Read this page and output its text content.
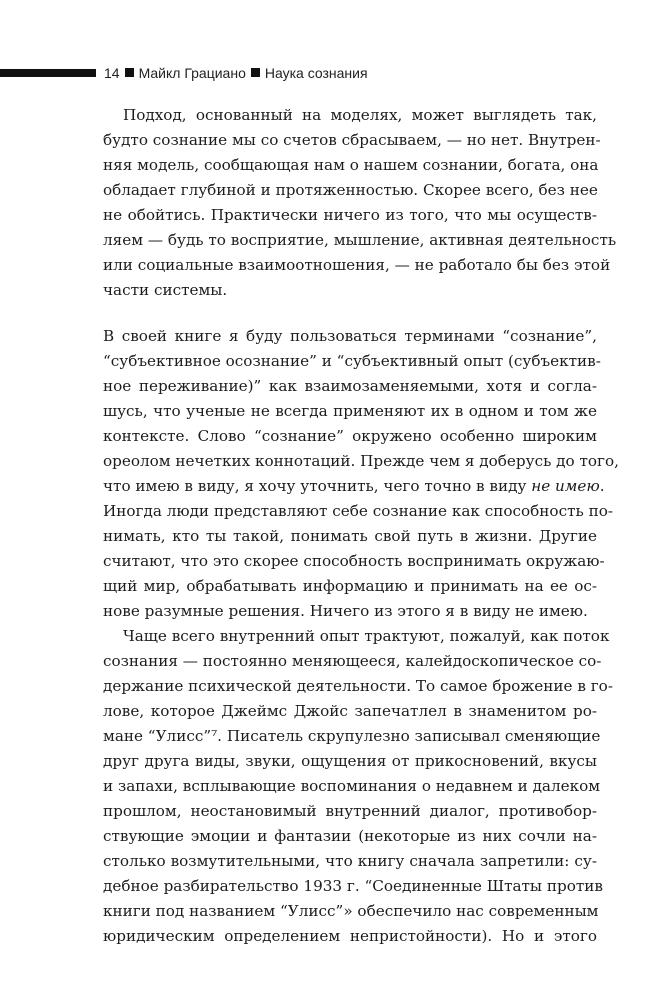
14 Майкл Грациано Наука сознания
Подход, основанный на моделях, может выглядеть так,
будто сознание мы со счетов сбрасываем, — но нет. Внутрен-
няя модель, сообщающая нам о нашем сознании, богата, она
обладает глубиной и протяженностью. Скорее всего, без нее
не обойтись. Практически ничего из того, что мы осуществ-
ляем — будь то восприятие, мышление, активная деятельность
или социальные взаимоотношения, — не работало бы без этой
части системы.
В своей книге я буду пользоваться терминами “сознание”,
“субъективное осознание” и “субъективный опыт (субъектив-
ное переживание)” как взаимозаменяемыми, хотя и согла-
шусь, что ученые не всегда применяют их в одном и том же
контексте. Слово “сознание” окружено особенно широким
ореолом нечетких коннотаций. Прежде чем я доберусь до того,
что имею в виду, я хочу уточнить, чего точно в виду не имею.
Иногда люди представляют себе сознание как способность по-
нимать, кто ты такой, понимать свой путь в жизни. Другие
считают, что это скорее способность воспринимать окружаю-
щий мир, обрабатывать информацию и принимать на ее ос-
нове разумные решения. Ничего из этого я в виду не имею.
Чаще всего внутренний опыт трактуют, пожалуй, как поток
сознания — постоянно меняющееся, калейдоскопическое со-
держание психической деятельности. То самое брожение в го-
лове, которое Джеймс Джойс запечатлел в знаменитом ро-
мане “Улисс”⁷. Писатель скрупулезно записывал сменяющие
друг друга виды, звуки, ощущения от прикосновений, вкусы
и запахи, всплывающие воспоминания о недавнем и далеком
прошлом, неостановимый внутренний диалог, противобор-
ствующие эмоции и фантазии (некоторые из них сочли на-
столько возмутительными, что книгу сначала запретили: су-
дебное разбирательство 1933 г. “Соединенные Штаты против
книги под названием “Улисс”» обеспечило нас современным
юридическим определением непристойности). Но и этого
